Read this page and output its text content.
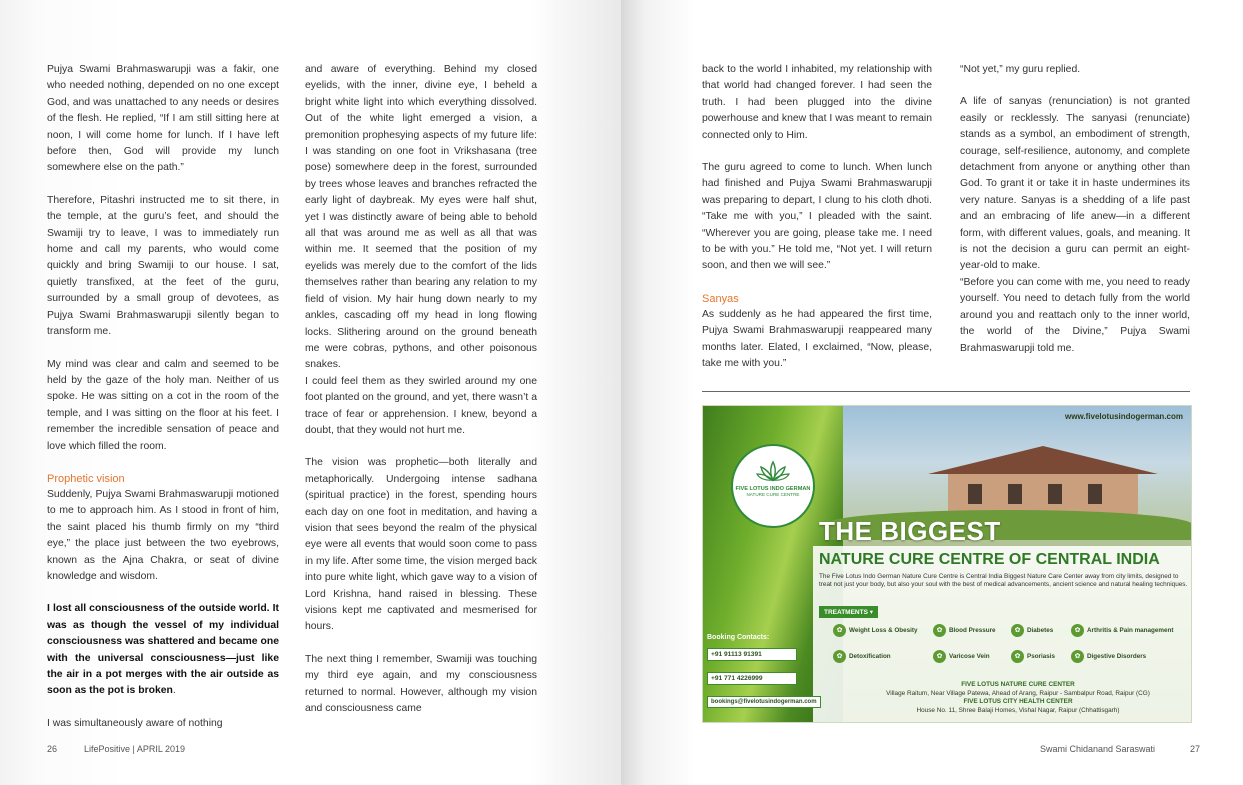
Pujya Swami Brahmaswarupji was a fakir, one who needed nothing, depended on no one except God, and was unattached to any needs or desires of the flesh. He replied, “If I am still sitting here at noon, I will come home for lunch. If I have left before then, God will provide my lunch somewhere else on the path.”

Therefore, Pitashri instructed me to sit there, in the temple, at the guru’s feet, and should the Swamiji try to leave, I was to immediately run home and call my parents, who would come quickly and bring Swamiji to our house. I sat, quietly transfixed, at the feet of the guru, surrounded by a small group of devotees, as Pujya Swami Brahmaswarupji silently began to transform me.

My mind was clear and calm and seemed to be held by the gaze of the holy man. Neither of us spoke. He was sitting on a cot in the room of the temple, and I was sitting on the floor at his feet. I remember the incredible sensation of peace and love which filled the room.

Prophetic vision

Suddenly, Pujya Swami Brahmaswarupji motioned to me to approach him. As I stood in front of him, the saint placed his thumb firmly on my “third eye,” the place just between the two eyebrows, known as the Ajna Chakra, or seat of divine knowledge and wisdom.

I lost all consciousness of the outside world. It was as though the vessel of my individual consciousness was shattered and became one with the universal consciousness—just like the air in a pot merges with the air outside as soon as the pot is broken.

I was simultaneously aware of nothing

and aware of everything. Behind my closed eyelids, with the inner, divine eye, I beheld a bright white light into which everything dissolved. Out of the white light emerged a vision, a premonition prophesying aspects of my future life: I was standing on one foot in Vrikshasana (tree pose) somewhere deep in the forest, surrounded by trees whose leaves and branches refracted the early light of daybreak. My eyes were half shut, yet I was distinctly aware of being able to behold all that was around me as well as all that was within me. It seemed that the position of my eyelids was merely due to the comfort of the lids themselves rather than bearing any relation to my field of vision. My hair hung down nearly to my ankles, cascading off my head in long flowing locks. Slithering around on the ground beneath me were cobras, pythons, and other poisonous snakes.

I could feel them as they swirled around my one foot planted on the ground, and yet, there wasn’t a trace of fear or apprehension. I knew, beyond a doubt, that they would not hurt me.

The vision was prophetic—both literally and metaphorically. Undergoing intense sadhana (spiritual practice) in the forest, spending hours each day on one foot in meditation, and having a vision that sees beyond the realm of the physical eye were all events that would soon come to pass in my life. After some time, the vision merged back into pure white light, which gave way to a vision of Lord Krishna, hand raised in blessing. These visions kept me captivated and mesmerised for hours.

The next thing I remember, Swamiji was touching my third eye again, and my consciousness returned to normal. However, although my vision and consciousness came

26	LifePositive | APRIL 2019

back to the world I inhabited, my relationship with that world had changed forever. I had seen the truth. I had been plugged into the divine powerhouse and knew that I was meant to remain connected only to Him.

The guru agreed to come to lunch. When lunch had finished and Pujya Swami Brahmaswarupji was preparing to depart, I clung to his cloth dhoti. “Take me with you,” I pleaded with the saint. “Wherever you are going, please take me. I need to be with you.” He told me, “Not yet. I will return soon, and then we will see.”

Sanyas

As suddenly as he had appeared the first time, Pujya Swami Brahmaswarupji reappeared many months later. Elated, I exclaimed, “Now, please, take me with you.”

“Not yet,” my guru replied.

A life of sanyas (renunciation) is not granted easily or recklessly. The sanyasi (renunciate) stands as a symbol, an embodiment of strength, courage, self-resilience, autonomy, and complete detachment from anyone or anything other than God. To grant it or take it in haste undermines its very nature. Sanyas is a shedding of a life past and an embracing of life anew—in a different form, with different values, goals, and meaning. It is not the decision a guru can permit an eight-year-old to make.

“Before you can come with me, you need to ready yourself. You need to detach fully from the world around you and reattach only to the inner world, the world of the Divine,” Pujya Swami Brahmaswarupji told me.

www.fivelotusindogerman.com
FIVE LOTUS INDO GERMAN
NATURE CURE CENTRE
THE BIGGEST
NATURE CURE CENTRE OF CENTRAL INDIA
The Five Lotus Indo German Nature Cure Centre is Central India Biggest Nature Care Center away from city limits, designed to treat not just your body, but also your soul with the best of medical advancements, ancient science and natural healing techniques.
TREATMENTS ▾
✿ Weight Loss & Obesity	✿ Blood Pressure	✿ Diabetes	✿ Arthritis & Pain management
✿ Detoxification	✿ Varicose Vein	✿ Psoriasis	✿ Digestive Disorders
Booking Contacts:
+91 91113 91391
+91 771 4226999
bookings@fivelotusindogerman.com
FIVE LOTUS NATURE CURE CENTER
Village Raitum, Near Village Patewa, Ahead of Arang, Raipur - Sambalpur Road, Raipur (CG)
FIVE LOTUS CITY HEALTH CENTER
House No. 11, Shree Balaji Homes, Vishal Nagar, Raipur (Chhattisgarh)
Swami Chidanand Saraswati	27
